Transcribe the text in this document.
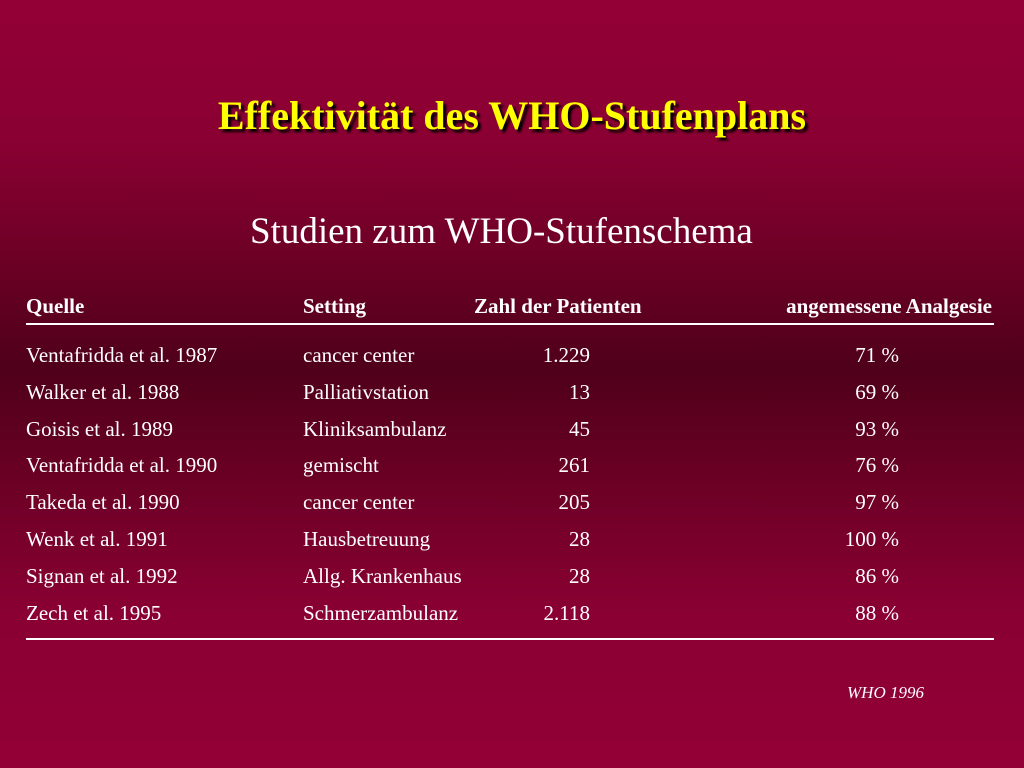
Effektivität des WHO-Stufenplans
Studien zum WHO-Stufenschema
Quelle	Setting	Zahl der Patienten	angemessene Analgesie
Ventafridda et al. 1987	cancer center	1.229	71 %
Walker et al. 1988	Palliativstation	13	69 %
Goisis et al. 1989	Kliniksambulanz	45	93 %
Ventafridda et al. 1990	gemischt	261	76 %
Takeda et al. 1990	cancer center	205	97 %
Wenk et al. 1991	Hausbetreuung	28	100 %
Signan et al. 1992	Allg. Krankenhaus	28	86 %
Zech et al. 1995	Schmerzambulanz	2.118	88 %
WHO 1996
